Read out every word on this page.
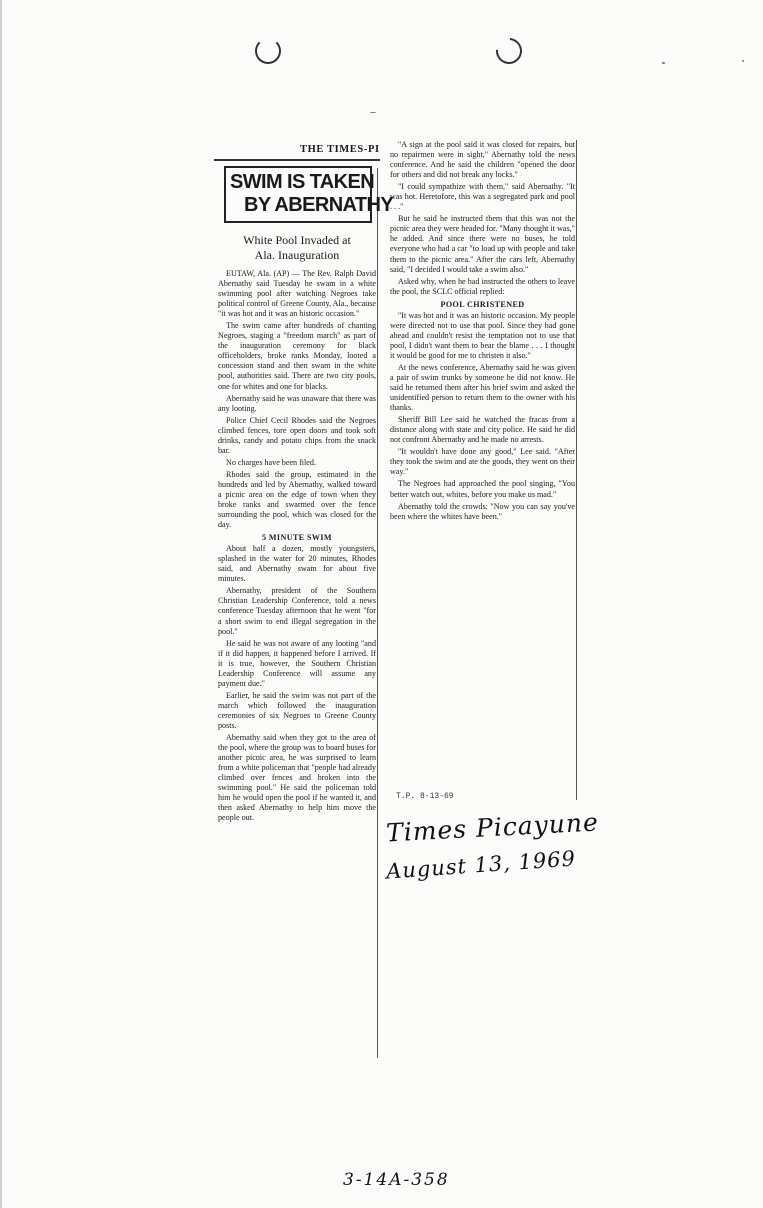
THE TIMES-PI
SWIM IS TAKEN
BY ABERNATHY
White Pool Invaded at
Ala. Inauguration

EUTAW, Ala. (AP) — The Rev. Ralph David Abernathy said Tuesday he swam in a white swimming pool after watching Negroes take political control of Greene County, Ala., because "it was hot and it was an historic occasion."

The swim came after hundreds of chanting Negroes, staging a "freedom march" as part of the inauguration ceremony for black officeholders, broke ranks Monday, looted a concession stand and then swam in the white pool, authorities said. There are two city pools, one for whites and one for blacks.

Abernathy said he was unaware that there was any looting.

Police Chief Cecil Rhodes said the Negroes climbed fences, tore open doors and took soft drinks, candy and potato chips from the snack bar.

No charges have been filed.

Rhodes said the group, estimated in the hundreds and led by Abernathy, walked toward a picnic area on the edge of town when they broke ranks and swarmed over the fence surrounding the pool, which was closed for the day.

5 MINUTE SWIM

About half a dozen, mostly youngsters, splashed in the water for 20 minutes, Rhodes said, and Abernathy swam for about five minutes.

Abernathy, president of the Southern Christian Leadership Conference, told a news conference Tuesday afternoon that he went "for a short swim to end illegal segregation in the pool."

He said he was not aware of any looting "and if it did happen, it happened before I arrived. If it is true, however, the Southern Christian Leadership Conference will assume any payment due."

Earlier, he said the swim was not part of the march which followed the inauguration ceremonies of six Negroes to Greene County posts.

Abernathy said when they got to the area of the pool, where the group was to board buses for another picnic area, he was surprised to learn from a white policeman that "people had already climbed over fences and broken into the swimming pool." He said the policeman told him he would open the pool if he wanted it, and then asked Abernathy to help him move the people out.

"A sign at the pool said it was closed for repairs, but no repairmen were in sight," Abernathy told the news conference. And he said the children "opened the door for others and did not break any locks."

"I could sympathize with them," said Abernathy. "It was hot. Heretofore, this was a segregated park and pool . . ."

But he said he instructed them that this was not the picnic area they were headed for. "Many thought it was," he added. And since there were no buses, he told everyone who had a car "to load up with people and take them to the picnic area." After the cars left, Abernathy said, "I decided I would take a swim also."

Asked why, when he had instructed the others to leave the pool, the SCLC official replied:

POOL CHRISTENED

"It was hot and it was an historic occasion. My people were directed not to use that pool. Since they had gone ahead and couldn't resist the temptation not to use that pool, I didn't want them to bear the blame . . . I thought it would be good for me to christen it also."

At the news conference, Abernathy said he was given a pair of swim trunks by someone he did not know. He said he returned them after his brief swim and asked the unidentified person to return them to the owner with his thanks.

Sheriff Bill Lee said he watched the fracas from a distance along with state and city police. He said he did not confront Abernathy and he made no arrests.

"It wouldn't have done any good," Lee said. "After they took the swim and ate the goods, they went on their way."

The Negroes had approached the pool singing, "You better watch out, whites, before you make us mad."

Abernathy told the crowds: "Now you can say you've been where the whites have been."

T.P. 8-13-69
Times Picayune
August 13, 1969
3-14A-358
